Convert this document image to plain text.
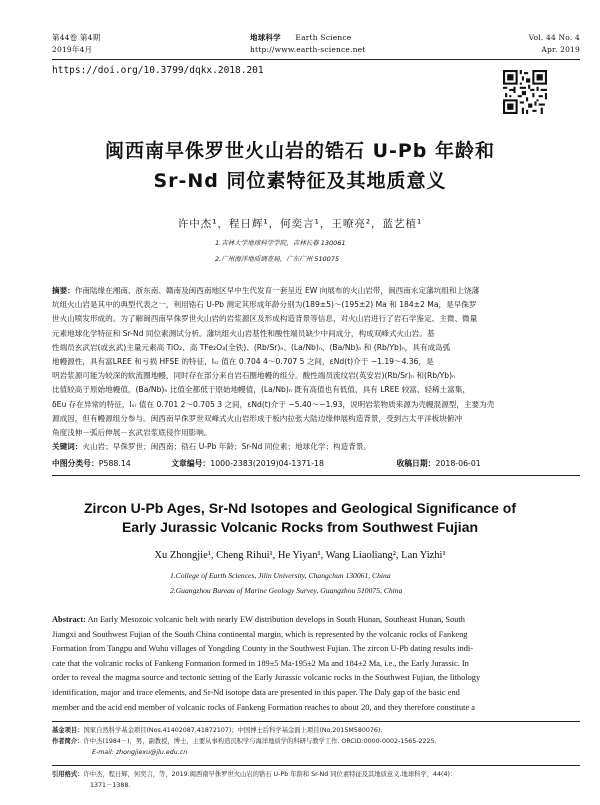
第44卷 第4期	地球科学 Earth Science	Vol. 44 No. 4
2019年4月	http://www.earth-science.net	Apr. 2019
https://doi.org/10.3799/dqkx.2018.201
闽西南早侏罗世火山岩的锆石 U-Pb 年龄和
Sr-Nd 同位素特征及其地质意义
许中杰¹，程日辉¹，何奕言¹，王嘹亮²，蓝艺植¹
1.吉林大学地球科学学院，吉林长春 130061
2.广州海洋地质调查局，广东广州 510075
摘要：作南陆缘在湘南、浙东南、赣南及闽西南地区早中生代发育一套呈近 EW 向展布的火山岩带，闽西南永定藩坑组和上饶藩
坑组火山岩是其中的典型代表之一，利用锆石 U-Pb 测定其形成年龄分别为(189±5)～(195±2) Ma 和 184±2 Ma，是早侏罗
世火山喷发形成的。为了解闽西南早侏罗世火山岩的岩浆源区及形成构造背景等信息，对火山岩进行了岩石学鉴定、主微、微量
元素地球化学特征和 Sr-Nd 同位素测试分析。藩坑组火山岩基性和酸性端员缺少中间成分，构成双峰式火山岩。基
性端员玄武岩(或玄武)主量元素高 TiO₂、高 TFe₂O₃(全铁)、(Rb/Sr)ₙ、(La/Nb)ₙ、(Ba/Nb)ₙ 和 (Rb/Yb)ₙ，具有成岛弧
地幔源性，具有富LREE 和亏损 HFSE 的特征，Iₛᵣ 值在 0.704 4～0.707 5 之间，εNd(t)介于 −1.19～4.36，是
明岩浆源可能为较深的软流圈地幔，同时存在部分来自岩石圈地幔的组分。酸性端员流纹岩(英安岩)(Rb/Sr)ₙ 和(Rb/Yb)ₙ
比值较高于原始地幔值，(Ba/Nb)ₙ 比值全都低于原始地幔值，(La/Nb)ₙ 既有高值也有低值，具有 LREE 较富、轻稀土富集，
δEu 存在异常的特征，Iₛᵣ 值在 0.701 2～0.705 3 之间，εNd(t)介于 −5.40～−1.93，说明岩浆物质来源为壳幔混源型，主要为壳
源成因，但有幔源组分参与。闽西南早侏罗世双峰式火山岩形成于板内拉张大陆边缘伸展构造背景，受到古太平洋板块俯冲
角度浅伸－弧后伸展－玄武岩浆底侵作用影响。
关键词：火山岩；早侏罗世；闽西南；锆石 U-Pb 年龄；Sr-Nd 同位素；地球化学；构造背景。
中图分类号：P588.14	文章编号：1000-2383(2019)04-1371-18	收稿日期：2018-06-01
Zircon U-Pb Ages, Sr-Nd Isotopes and Geological Significance of
Early Jurassic Volcanic Rocks from Southwest Fujian
Xu Zhongjie¹, Cheng Rihui¹, He Yiyan¹, Wang Liaoliang², Lan Yizhi¹
1.College of Earth Sciences, Jilin University, Changchun 130061, China
2.Guangzhou Bureau of Marine Geology Survey, Guangzhou 510075, China
Abstract: An Early Mesozoic volcanic belt with nearly EW distribution develops in South Hunan, Southeast Hunan, South
Jiangxi and Southwest Fujian of the South China continental margin, which is represented by the volcanic rocks of Fankeng
Formation from Tangpu and Wuhu villages of Yongding County in the Southwest Fujian. The zircon U-Pb dating results indi-
cate that the volcanic rocks of Fankeng Formation formed in 189±5 Ma-195±2 Ma and 184±2 Ma, i.e., the Early Jurassic. In
order to reveal the magma source and tectonic setting of the Early Jurassic volcanic rocks in the Southwest Fujian, the lithology
identification, major and trace elements, and Sr-Nd isotope data are presented in this paper. The Daly gap of the basic end
member and the acid end member of volcanic rocks of Fankeng Formation reaches to about 20, and they therefore constitute a
基金项目：国家自然科学基金项目(Nos.41402087,41872107)；中国博士后科学基金面上项目(No.2015M580076).
作者简介：许中杰(1984－)，男，副教授，博士，主要从事构造沉积学与海洋地质学的科研与教学工作. ORCID:0000-0002-1565-2225.
E-mail: zhongjiexu@jlu.edu.cn
引用格式：许中杰，程日辉，何奕言，等，2019.闽西南早侏罗世火山岩的锆石 U-Pb 年龄和 Sr-Nd 同位素特征及其地质意义.地球科学，44(4)：
1371－1388.
